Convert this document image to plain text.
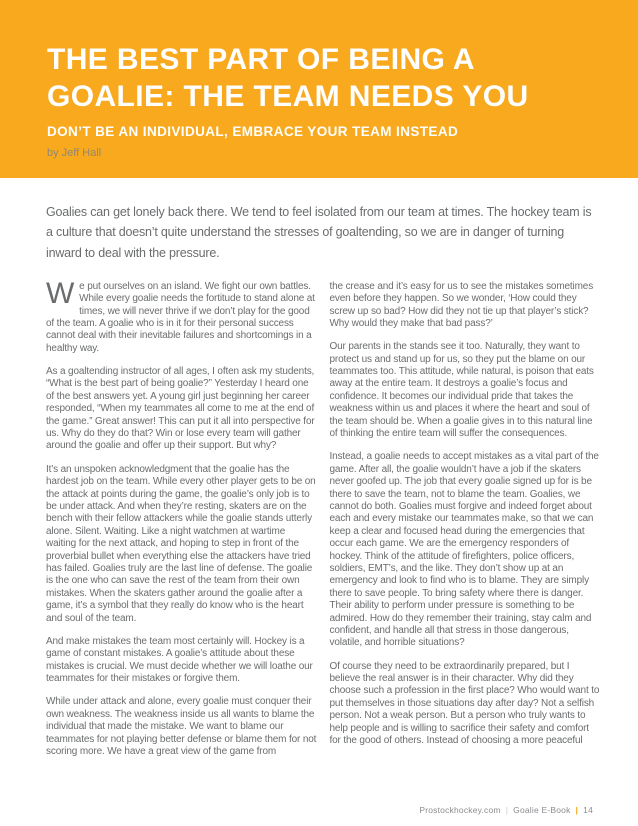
THE BEST PART OF BEING A
GOALIE: THE TEAM NEEDS YOU
DON’T BE AN INDIVIDUAL, EMBRACE YOUR TEAM INSTEAD
by Jeff Hall

Goalies can get lonely back there. We tend to feel isolated from our team at times. The hockey team is a culture that doesn’t quite understand the stresses of goaltending, so we are in danger of turning inward to deal with the pressure.

We put ourselves on an island. We fight our own battles. While every goalie needs the fortitude to stand alone at times, we will never thrive if we don’t play for the good of the team. A goalie who is in it for their personal success cannot deal with their inevitable failures and shortcomings in a healthy way.

As a goaltending instructor of all ages, I often ask my students, “What is the best part of being goalie?” Yesterday I heard one of the best answers yet. A young girl just beginning her career responded, “When my teammates all come to me at the end of the game.” Great answer! This can put it all into perspective for us. Why do they do that? Win or lose every team will gather around the goalie and offer up their support. But why?

It’s an unspoken acknowledgment that the goalie has the hardest job on the team. While every other player gets to be on the attack at points during the game, the goalie’s only job is to be under attack. And when they’re resting, skaters are on the bench with their fellow attackers while the goalie stands utterly alone. Silent. Waiting. Like a night watchmen at wartime waiting for the next attack, and hoping to step in front of the proverbial bullet when everything else the attackers have tried has failed. Goalies truly are the last line of defense. The goalie is the one who can save the rest of the team from their own mistakes. When the skaters gather around the goalie after a game, it’s a symbol that they really do know who is the heart and soul of the team.

And make mistakes the team most certainly will. Hockey is a game of constant mistakes. A goalie’s attitude about these mistakes is crucial. We must decide whether we will loathe our teammates for their mistakes or forgive them.

While under attack and alone, every goalie must conquer their own weakness. The weakness inside us all wants to blame the individual that made the mistake. We want to blame our teammates for not playing better defense or blame them for not scoring more. We have a great view of the game from

the crease and it’s easy for us to see the mistakes sometimes even before they happen. So we wonder, ‘How could they screw up so bad? How did they not tie up that player’s stick? Why would they make that bad pass?’

Our parents in the stands see it too. Naturally, they want to protect us and stand up for us, so they put the blame on our teammates too. This attitude, while natural, is poison that eats away at the entire team. It destroys a goalie’s focus and confidence. It becomes our individual pride that takes the weakness within us and places it where the heart and soul of the team should be. When a goalie gives in to this natural line of thinking the entire team will suffer the consequences.

Instead, a goalie needs to accept mistakes as a vital part of the game. After all, the goalie wouldn’t have a job if the skaters never goofed up. The job that every goalie signed up for is be there to save the team, not to blame the team. Goalies, we cannot do both. Goalies must forgive and indeed forget about each and every mistake our teammates make, so that we can keep a clear and focused head during the emergencies that occur each game. We are the emergency responders of hockey. Think of the attitude of firefighters, police officers, soldiers, EMT’s, and the like. They don’t show up at an emergency and look to find who is to blame. They are simply there to save people. To bring safety where there is danger. Their ability to perform under pressure is something to be admired. How do they remember their training, stay calm and confident, and handle all that stress in those dangerous, volatile, and horrible situations?

Of course they need to be extraordinarily prepared, but I believe the real answer is in their character. Why did they choose such a profession in the first place? Who would want to put themselves in those situations day after day? Not a selfish person. Not a weak person. But a person who truly wants to help people and is willing to sacrifice their safety and comfort for the good of others. Instead of choosing a more peaceful

Prostockhockey.com | Goalie E-Book | 14
